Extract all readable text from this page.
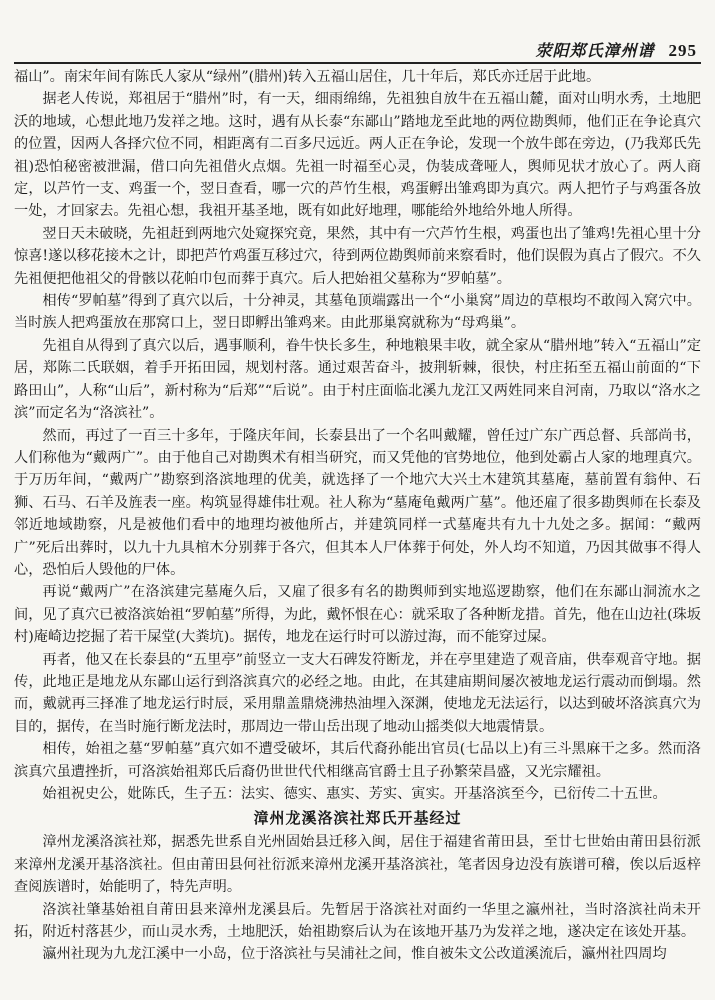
荥阳郑氏漳州谱 295

福山”。南宋年间有陈氏人家从“绿州”(腊州)转入五福山居住，几十年后，郑氏亦迁居于此地。

据老人传说，郑祖居于“腊州”时，有一天，细雨绵绵，先祖独自放牛在五福山麓，面对山明水秀，土地肥沃的地域，心想此地乃发祥之地。这时，遇有从长泰“东鄙山”踏地龙至此地的两位勘舆师，他们正在争论真穴的位置，因两人各择穴位不同，相距离有二百多尺远近。两人正在争论，发现一个放牛郎在旁边，(乃我郑氏先祖)恐怕秘密被泄漏，借口向先祖借火点烟。先祖一时福至心灵，伪装成聋哑人，舆师见状才放心了。两人商定，以芦竹一支、鸡蛋一个，翌日查看，哪一穴的芦竹生根，鸡蛋孵出雏鸡即为真穴。两人把竹子与鸡蛋各放一处，才回家去。先祖心想，我祖开基圣地，既有如此好地理，哪能给外地给外地人所得。

翌日天未破晓，先祖赶到两地穴处窥探究竟，果然，其中有一穴芦竹生根，鸡蛋也出了雏鸡!先祖心里十分惊喜!遂以移花接木之计，即把芦竹鸡蛋互移过穴，待到两位勘舆师前来察看时，他们误假为真占了假穴。不久先祖便把他祖父的骨骸以花帕巾包而葬于真穴。后人把始祖父墓称为“罗帕墓”。

相传“罗帕墓”得到了真穴以后，十分神灵，其墓龟顶端露出一个“小巢窝”周边的草根均不敢闯入窝穴中。当时族人把鸡蛋放在那窝口上，翌日即孵出雏鸡来。由此那巢窝就称为“母鸡巢”。

先祖自从得到了真穴以后，遇事顺利，眷牛快长多生，种地粮果丰收，就全家从“腊州地”转入“五福山”定居，郑陈二氏联姻，着手开拓田园，规划村落。通过艰苦奋斗，披荆斩棘，很快，村庄拓至五福山前面的“下路田山”，人称“山后”，新村称为“后郑”“后说”。由于村庄面临北溪九龙江又两姓同来自河南，乃取以“洛水之滨”而定名为“洛滨社”。

然而，再过了一百三十多年，于隆庆年间，长泰县出了一个名叫戴耀，曾任过广东广西总督、兵部尚书，人们称他为“戴两广”。由于他自己对勘舆术有相当研究，而又凭他的官势地位，他到处霸占人家的地理真穴。于万历年间，“戴两广”勘察到洛滨地理的优美，就选择了一个地穴大兴土木建筑其墓庵，墓前置有翁仲、石狮、石马、石羊及旌表一座。构筑显得雄伟壮观。社人称为“墓庵龟戴两广墓”。他还雇了很多勘舆师在长泰及邻近地域勘察，凡是被他们看中的地理均被他所占，并建筑同样一式墓庵共有九十九处之多。据闻：“戴两广”死后出葬时，以九十九具棺木分别葬于各穴，但其本人尸体葬于何处，外人均不知道，乃因其做事不得人心，恐怕后人毁他的尸体。

再说“戴两广”在洛滨建完墓庵久后，又雇了很多有名的勘舆师到实地巡逻勘察，他们在东鄙山洞流水之间，见了真穴已被洛滨始祖“罗帕墓”所得，为此，戴怀恨在心：就采取了各种断龙措。首先，他在山边社(珠坂村)庵崎边挖掘了若干屎堂(大粪坑)。据传，地龙在运行时可以游过海，而不能穿过屎。

再者，他又在长泰县的“五里亭”前竖立一支大石碑发符断龙，并在亭里建造了观音庙，供奉观音守地。据传，此地正是地龙从东鄙山运行到洛滨真穴的必经之地。由此，在其建庙期间屡次被地龙运行震动而倒塌。然而，戴就再三择准了地龙运行时辰，采用鼎盖鼎烧沸热油埋入深渊，使地龙无法运行，以达到破坏洛滨真穴为目的，据传，在当时施行断龙法时，那周边一带山岳出现了地动山摇类似大地震情景。

相传，始祖之墓“罗帕墓”真穴如不遭受破坏，其后代裔孙能出官员(七品以上)有三斗黑麻干之多。然而洛滨真穴虽遭挫折，可洛滨始祖郑氏后裔仍世世代代相继高官爵士且子孙繁荣昌盛，又光宗耀祖。

始祖祝史公，妣陈氏，生子五：法实、德实、惠实、芳实、寅实。开基洛滨至今，已衍传二十五世。

漳州龙溪洛滨社郑氏开基经过

漳州龙溪洛滨社郑，据悉先世系自光州固始县迁移入闽，居住于福建省莆田县，至廿七世始由莆田县衍派来漳州龙溪开基洛滨社。但由莆田县何社衍派来漳州龙溪开基洛滨社，笔者因身边没有族谱可稽，俟以后返梓查阅族谱时，始能明了，特先声明。

洛滨社肇基始祖自莆田县来漳州龙溪县后。先暂居于洛滨社对面约一华里之瀛州社，当时洛滨社尚未开拓，附近村落甚少，而山灵水秀，土地肥沃，始祖勘察后认为在该地开基乃为发祥之地，遂决定在该处开基。

瀛州社现为九龙江溪中一小岛，位于洛滨社与吴浦社之间，惟自被朱文公改道溪流后，瀛州社四周均
